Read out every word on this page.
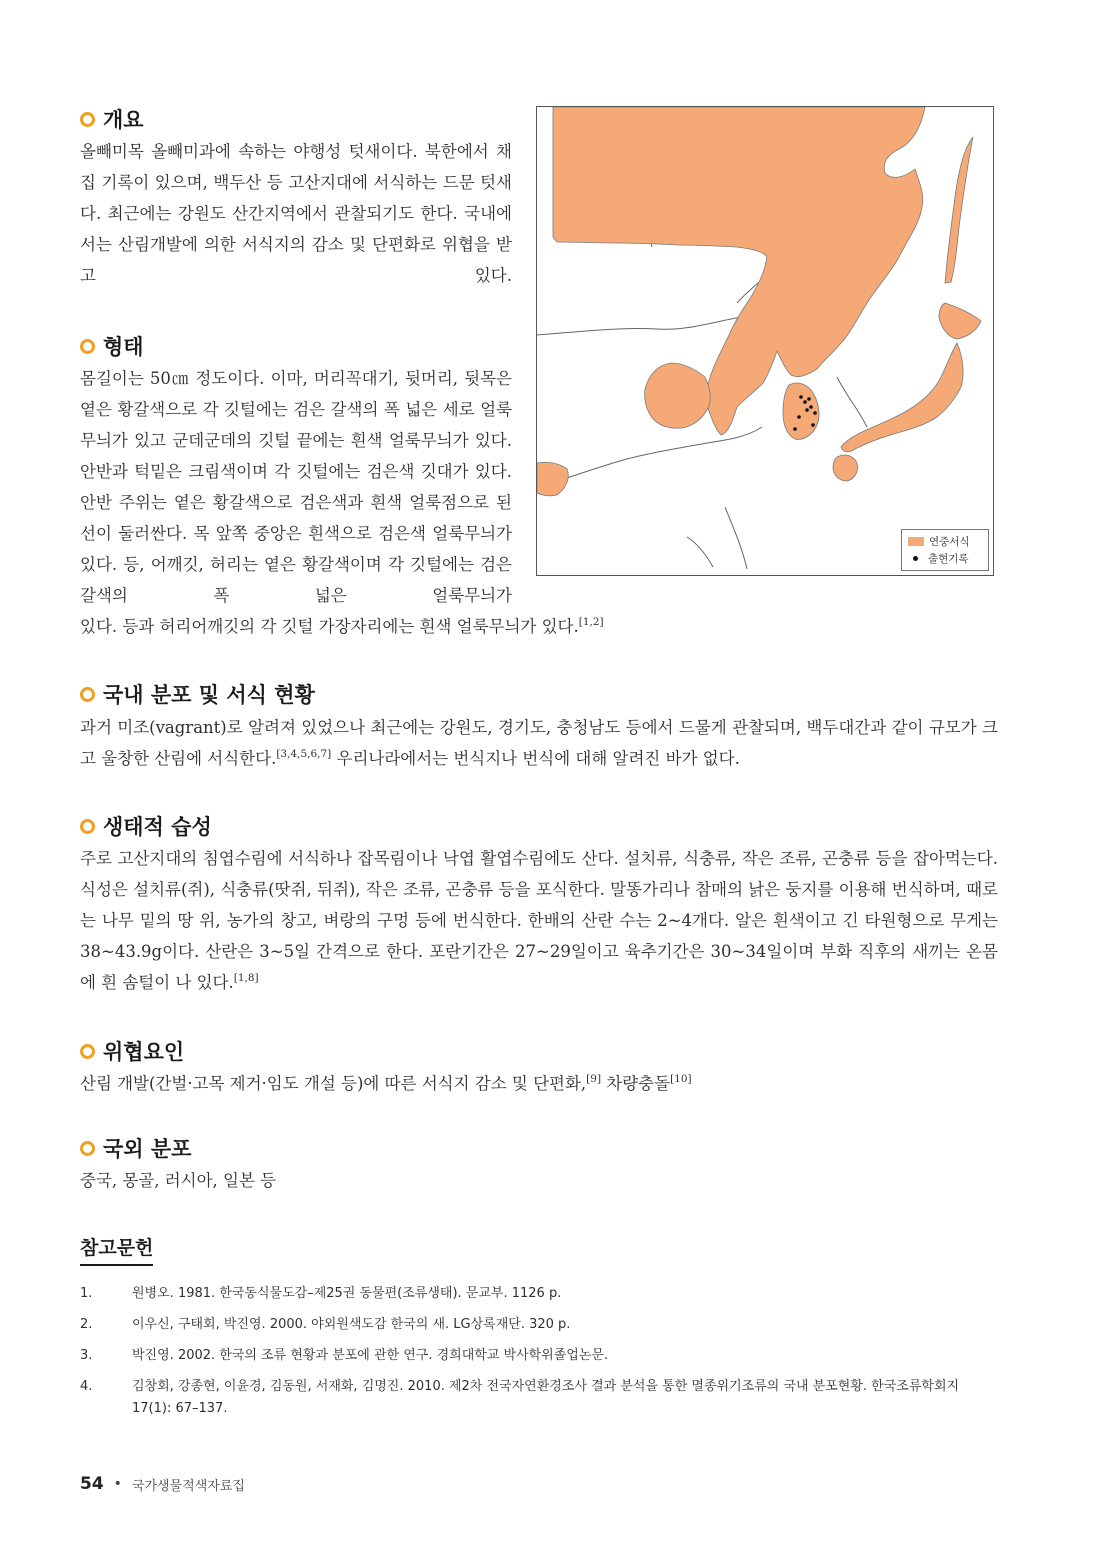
개요

올빼미목 올빼미과에 속하는 야행성 텃새이다. 북한에서 채집 기록이 있으며, 백두산 등 고산지대에 서식하는 드문 텃새다. 최근에는 강원도 산간지역에서 관찰되기도 한다. 국내에서는 산림개발에 의한 서식지의 감소 및 단편화로 위협을 받고 있다.

형태

몸길이는 50㎝ 정도이다. 이마, 머리꼭대기, 뒷머리, 뒷목은 옅은 황갈색으로 각 깃털에는 검은 갈색의 폭 넓은 세로 얼룩무늬가 있고 군데군데의 깃털 끝에는 흰색 얼룩무늬가 있다. 안반과 턱밑은 크림색이며 각 깃털에는 검은색 깃대가 있다. 안반 주위는 옅은 황갈색으로 검은색과 흰색 얼룩점으로 된 선이 둘러싼다. 목 앞쪽 중앙은 흰색으로 검은색 얼룩무늬가 있다. 등, 어깨깃, 허리는 옅은 황갈색이며 각 깃털에는 검은 갈색의 폭 넓은 얼룩무늬가

있다. 등과 허리어깨깃의 각 깃털 가장자리에는 흰색 얼룩무늬가 있다.[1,2]

연중서식
출현기록
국내 분포 및 서식 현황

과거 미조(vagrant)로 알려져 있었으나 최근에는 강원도, 경기도, 충청남도 등에서 드물게 관찰되며, 백두대간과 같이 규모가 크고 울창한 산림에 서식한다.[3,4,5,6,7] 우리나라에서는 번식지나 번식에 대해 알려진 바가 없다.

생태적 습성

주로 고산지대의 침엽수림에 서식하나 잡목림이나 낙엽 활엽수림에도 산다. 설치류, 식충류, 작은 조류, 곤충류 등을 잡아먹는다. 식성은 설치류(쥐), 식충류(땃쥐, 뒤쥐), 작은 조류, 곤충류 등을 포식한다. 말똥가리나 참매의 낡은 둥지를 이용해 번식하며, 때로는 나무 밑의 땅 위, 농가의 창고, 벼랑의 구멍 등에 번식한다. 한배의 산란 수는 2~4개다. 알은 흰색이고 긴 타원형으로 무게는 38~43.9g이다. 산란은 3~5일 간격으로 한다. 포란기간은 27~29일이고 육추기간은 30~34일이며 부화 직후의 새끼는 온몸에 흰 솜털이 나 있다.[1,8]

위협요인

산림 개발(간벌·고목 제거·임도 개설 등)에 따른 서식지 감소 및 단편화,[9] 차량충돌[10]

국외 분포

중국, 몽골, 러시아, 일본 등

참고문헌
1.	원병오. 1981. 한국동식물도감–제25권 동물편(조류생태). 문교부. 1126 p.
2.	이우신, 구태회, 박진영. 2000. 야외원색도감 한국의 새. LG상록재단. 320 p.
3.	박진영. 2002. 한국의 조류 현황과 분포에 관한 연구. 경희대학교 박사학위졸업논문.
4.	김창회, 강종현, 이윤경, 김동원, 서재화, 김명진. 2010. 제2차 전국자연환경조사 결과 분석을 통한 멸종위기조류의 국내 분포현황. 한국조류학회지 17(1): 67–137.
54 • 국가생물적색자료집
